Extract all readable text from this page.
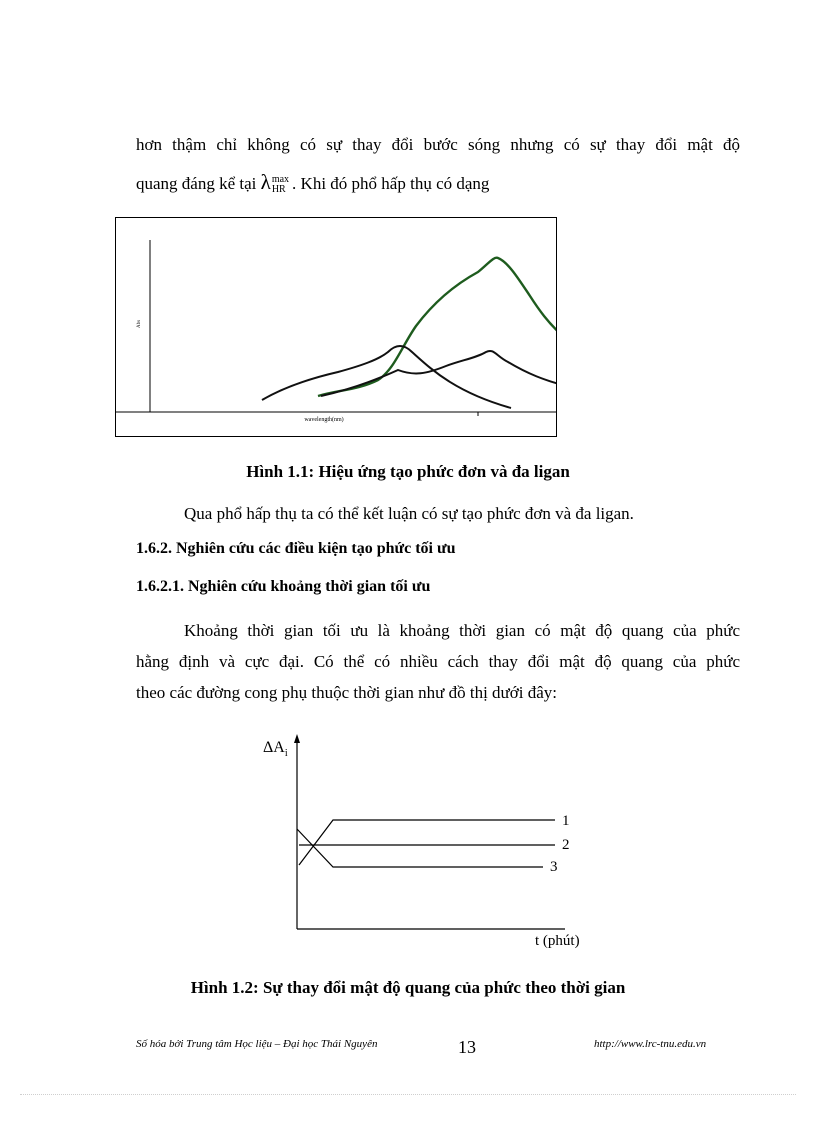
hơn thậm chỉ không có sự thay đổi bước sóng nhưng có sự thay đổi mật độ
quang đáng kể tại λ max
HR . Khi đó phổ hấp thụ có dạng
Abs
wavelength(nm)
Hình 1.1: Hiệu ứng tạo phức đơn và đa ligan
Qua phổ hấp thụ ta có thể kết luận có sự tạo phức đơn và đa ligan.
1.6.2. Nghiên cứu các điều kiện tạo phức tối ưu
1.6.2.1. Nghiên cứu khoảng thời gian tối ưu
Khoảng thời gian tối ưu là khoảng thời gian có mật độ quang của phức
hằng định và cực đại. Có thể có nhiều cách thay đổi mật độ quang của phức
theo các đường cong phụ thuộc thời gian như đồ thị dưới đây:
$\Delta A_i$
1
2
3
t (phút)
Hình 1.2: Sự thay đổi mật độ quang của phức theo thời gian
Số hóa bởi Trung tâm Học liệu – Đại học Thái Nguyên	13	http://www.lrc-tnu.edu.vn
